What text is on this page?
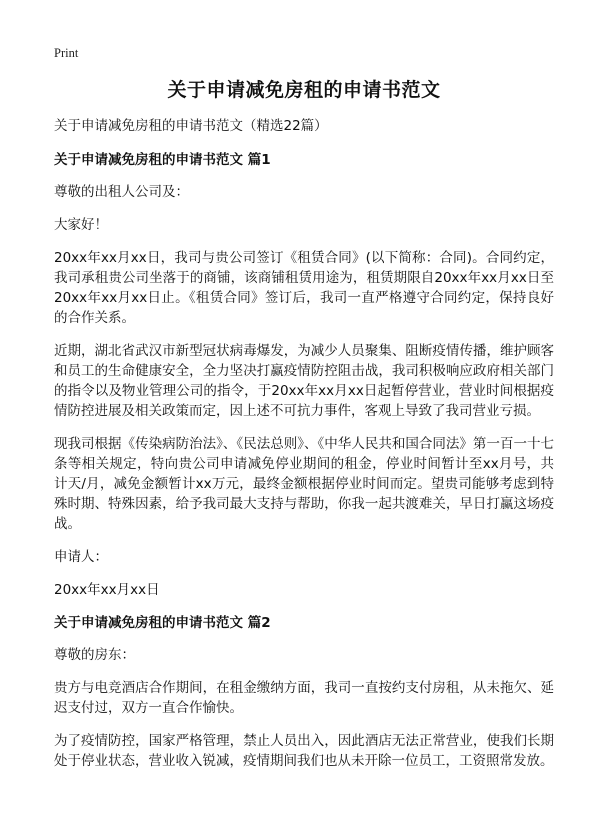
Print
关于申请减免房租的申请书范文
关于申请减免房租的申请书范文（精选22篇）
关于申请减免房租的申请书范文 篇1

尊敬的出租人公司及：

大家好！

20xx年xx月xx日，我司与贵公司签订《租赁合同》(以下简称：合同)。合同约定，我司承租贵公司坐落于的商铺，该商铺租赁用途为，租赁期限自20xx年xx月xx日至20xx年xx月xx日止。《租赁合同》签订后，我司一直严格遵守合同约定，保持良好的合作关系。

近期，湖北省武汉市新型冠状病毒爆发，为减少人员聚集、阻断疫情传播，维护顾客和员工的生命健康安全，全力坚决打赢疫情防控阻击战，我司积极响应政府相关部门的指令以及物业管理公司的指令，于20xx年xx月xx日起暂停营业，营业时间根据疫情防控进展及相关政策而定，因上述不可抗力事件，客观上导致了我司营业亏损。

现我司根据《传染病防治法》、《民法总则》、《中华人民共和国合同法》第一百一十七条等相关规定，特向贵公司申请减免停业期间的租金，停业时间暂计至xx月号，共计天/月，减免金额暂计xx万元，最终金额根据停业时间而定。望贵司能够考虑到特殊时期、特殊因素，给予我司最大支持与帮助，你我一起共渡难关，早日打赢这场疫战。

申请人：

20xx年xx月xx日

关于申请减免房租的申请书范文 篇2

尊敬的房东：

贵方与电竞酒店合作期间，在租金缴纳方面，我司一直按约支付房租，从未拖欠、延迟支付过，双方一直合作愉快。

为了疫情防控，国家严格管理，禁止人员出入，因此酒店无法正常营业，使我们长期处于停业状态，营业收入锐减，疫情期间我们也从未开除一位员工，工资照常发放。
